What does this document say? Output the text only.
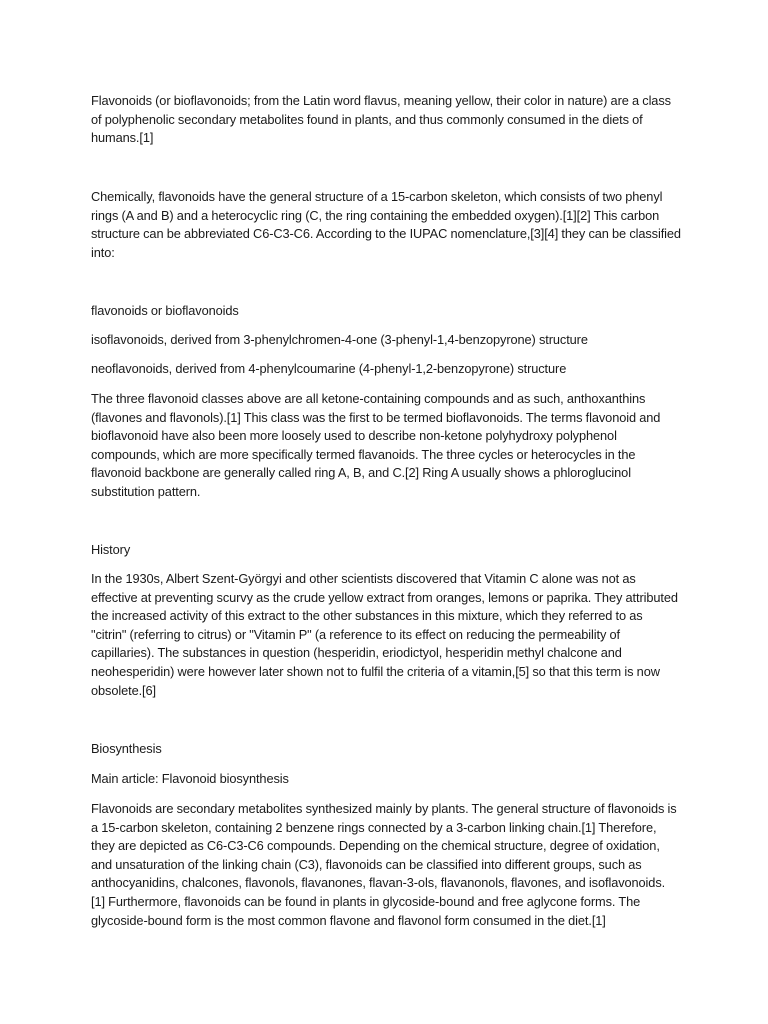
Flavonoids (or bioflavonoids; from the Latin word flavus, meaning yellow, their color in nature) are a class of polyphenolic secondary metabolites found in plants, and thus commonly consumed in the diets of humans.[1]

Chemically, flavonoids have the general structure of a 15-carbon skeleton, which consists of two phenyl rings (A and B) and a heterocyclic ring (C, the ring containing the embedded oxygen).[1][2] This carbon structure can be abbreviated C6-C3-C6. According to the IUPAC nomenclature,[3][4] they can be classified into:

flavonoids or bioflavonoids

isoflavonoids, derived from 3-phenylchromen-4-one (3-phenyl-1,4-benzopyrone) structure

neoflavonoids, derived from 4-phenylcoumarine (4-phenyl-1,2-benzopyrone) structure

The three flavonoid classes above are all ketone-containing compounds and as such, anthoxanthins (flavones and flavonols).[1] This class was the first to be termed bioflavonoids. The terms flavonoid and bioflavonoid have also been more loosely used to describe non-ketone polyhydroxy polyphenol compounds, which are more specifically termed flavanoids. The three cycles or heterocycles in the flavonoid backbone are generally called ring A, B, and C.[2] Ring A usually shows a phloroglucinol substitution pattern.

History

In the 1930s, Albert Szent-Györgyi and other scientists discovered that Vitamin C alone was not as effective at preventing scurvy as the crude yellow extract from oranges, lemons or paprika. They attributed the increased activity of this extract to the other substances in this mixture, which they referred to as "citrin" (referring to citrus) or "Vitamin P" (a reference to its effect on reducing the permeability of capillaries). The substances in question (hesperidin, eriodictyol, hesperidin methyl chalcone and neohesperidin) were however later shown not to fulfil the criteria of a vitamin,[5] so that this term is now obsolete.[6]

Biosynthesis

Main article: Flavonoid biosynthesis

Flavonoids are secondary metabolites synthesized mainly by plants. The general structure of flavonoids is a 15-carbon skeleton, containing 2 benzene rings connected by a 3-carbon linking chain.[1] Therefore, they are depicted as C6-C3-C6 compounds. Depending on the chemical structure, degree of oxidation, and unsaturation of the linking chain (C3), flavonoids can be classified into different groups, such as anthocyanidins, chalcones, flavonols, flavanones, flavan-3-ols, flavanonols, flavones, and isoflavonoids. [1] Furthermore, flavonoids can be found in plants in glycoside-bound and free aglycone forms. The glycoside-bound form is the most common flavone and flavonol form consumed in the diet.[1]
